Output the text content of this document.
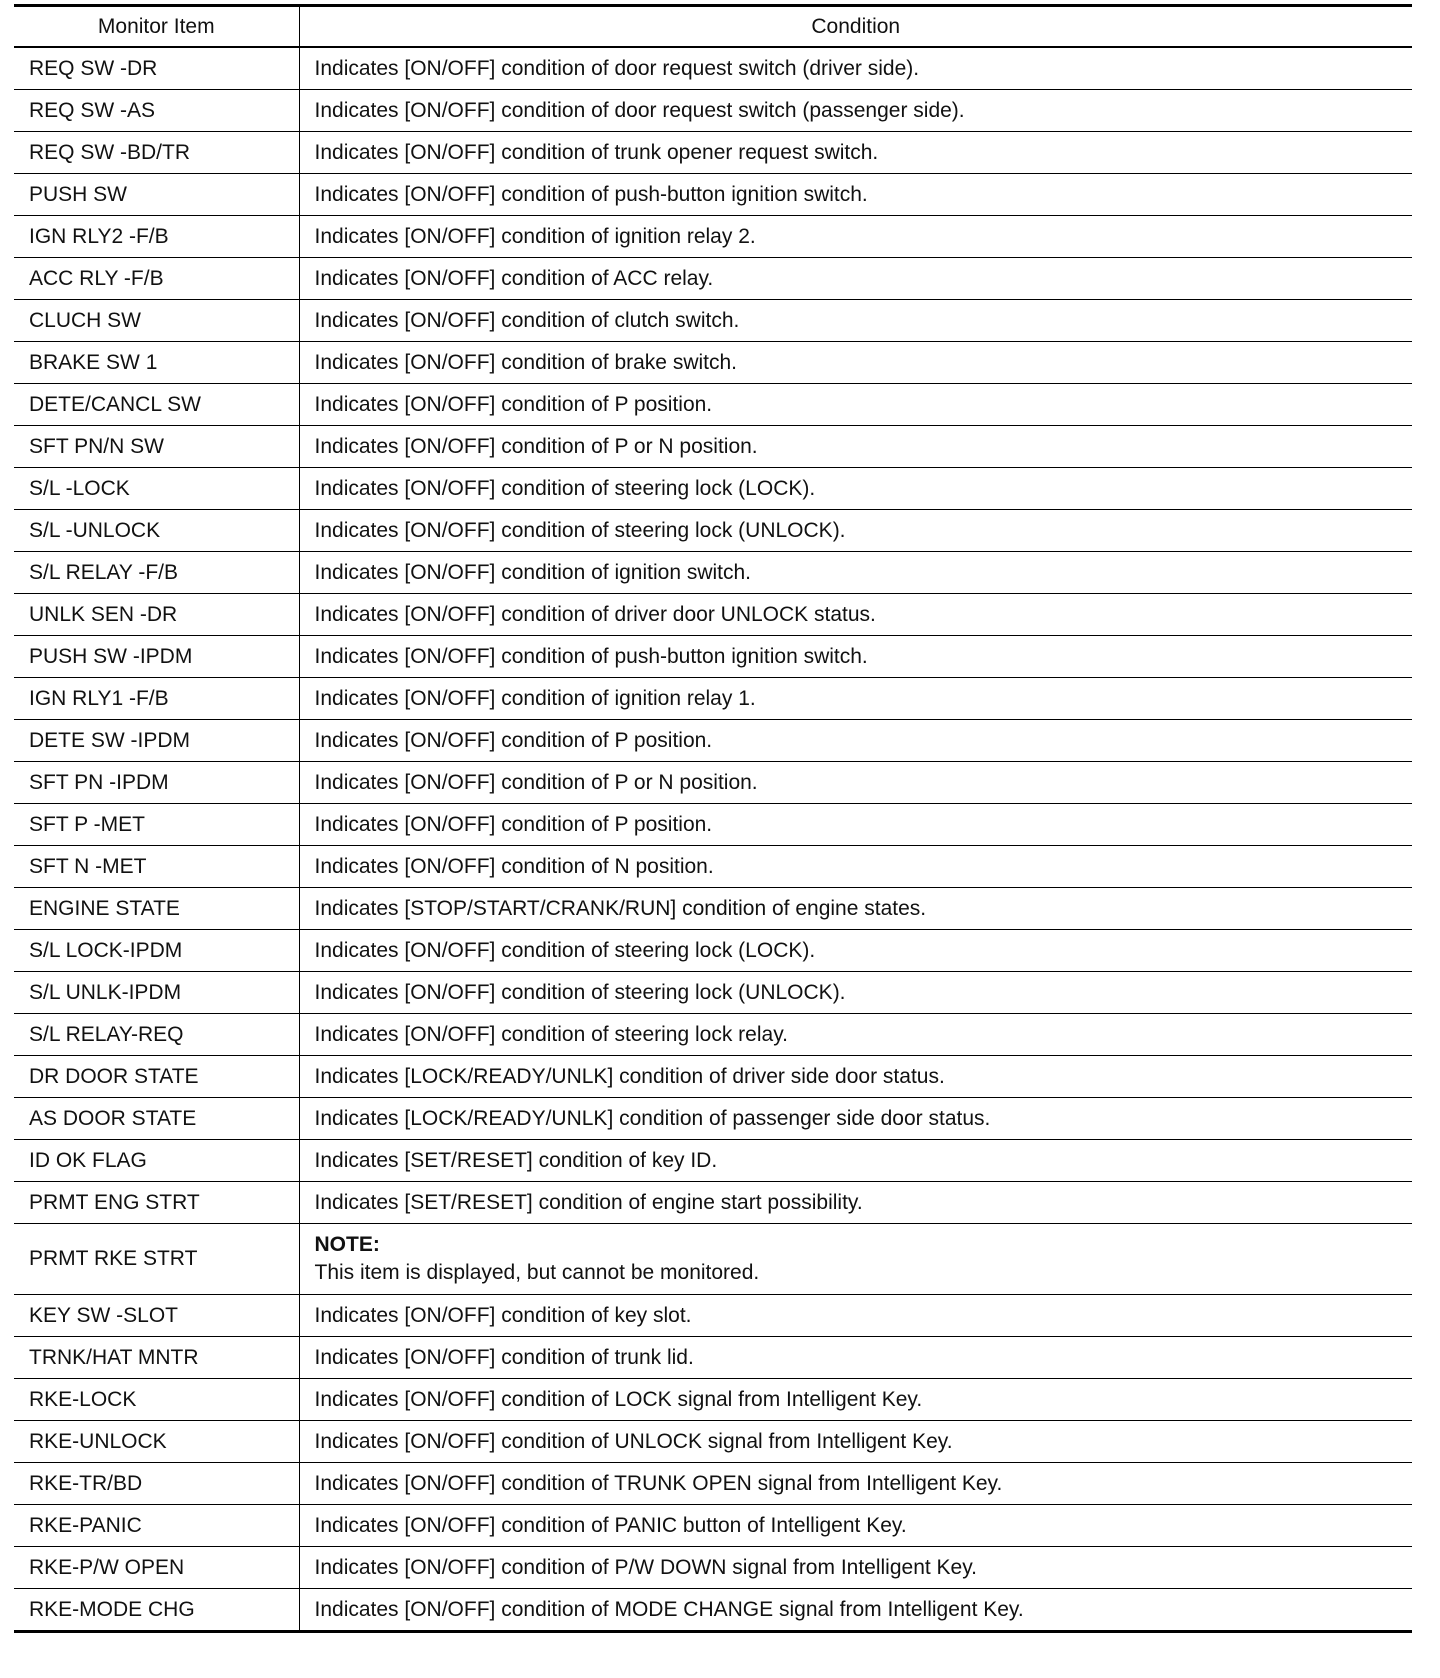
Monitor Item	Condition
REQ SW -DR	Indicates [ON/OFF] condition of door request switch (driver side).
REQ SW -AS	Indicates [ON/OFF] condition of door request switch (passenger side).
REQ SW -BD/TR	Indicates [ON/OFF] condition of trunk opener request switch.
PUSH SW	Indicates [ON/OFF] condition of push-button ignition switch.
IGN RLY2 -F/B	Indicates [ON/OFF] condition of ignition relay 2.
ACC RLY -F/B	Indicates [ON/OFF] condition of ACC relay.
CLUCH SW	Indicates [ON/OFF] condition of clutch switch.
BRAKE SW 1	Indicates [ON/OFF] condition of brake switch.
DETE/CANCL SW	Indicates [ON/OFF] condition of P position.
SFT PN/N SW	Indicates [ON/OFF] condition of P or N position.
S/L -LOCK	Indicates [ON/OFF] condition of steering lock (LOCK).
S/L -UNLOCK	Indicates [ON/OFF] condition of steering lock (UNLOCK).
S/L RELAY -F/B	Indicates [ON/OFF] condition of ignition switch.
UNLK SEN -DR	Indicates [ON/OFF] condition of driver door UNLOCK status.
PUSH SW -IPDM	Indicates [ON/OFF] condition of push-button ignition switch.
IGN RLY1 -F/B	Indicates [ON/OFF] condition of ignition relay 1.
DETE SW -IPDM	Indicates [ON/OFF] condition of P position.
SFT PN -IPDM	Indicates [ON/OFF] condition of P or N position.
SFT P -MET	Indicates [ON/OFF] condition of P position.
SFT N -MET	Indicates [ON/OFF] condition of N position.
ENGINE STATE	Indicates [STOP/START/CRANK/RUN] condition of engine states.
S/L LOCK-IPDM	Indicates [ON/OFF] condition of steering lock (LOCK).
S/L UNLK-IPDM	Indicates [ON/OFF] condition of steering lock (UNLOCK).
S/L RELAY-REQ	Indicates [ON/OFF] condition of steering lock relay.
DR DOOR STATE	Indicates [LOCK/READY/UNLK] condition of driver side door status.
AS DOOR STATE	Indicates [LOCK/READY/UNLK] condition of passenger side door status.
ID OK FLAG	Indicates [SET/RESET] condition of key ID.
PRMT ENG STRT	Indicates [SET/RESET] condition of engine start possibility.
PRMT RKE STRT	NOTE:
This item is displayed, but cannot be monitored.

KEY SW -SLOT	Indicates [ON/OFF] condition of key slot.
TRNK/HAT MNTR	Indicates [ON/OFF] condition of trunk lid.
RKE-LOCK	Indicates [ON/OFF] condition of LOCK signal from Intelligent Key.
RKE-UNLOCK	Indicates [ON/OFF] condition of UNLOCK signal from Intelligent Key.
RKE-TR/BD	Indicates [ON/OFF] condition of TRUNK OPEN signal from Intelligent Key.
RKE-PANIC	Indicates [ON/OFF] condition of PANIC button of Intelligent Key.
RKE-P/W OPEN	Indicates [ON/OFF] condition of P/W DOWN signal from Intelligent Key.
RKE-MODE CHG	Indicates [ON/OFF] condition of MODE CHANGE signal from Intelligent Key.
